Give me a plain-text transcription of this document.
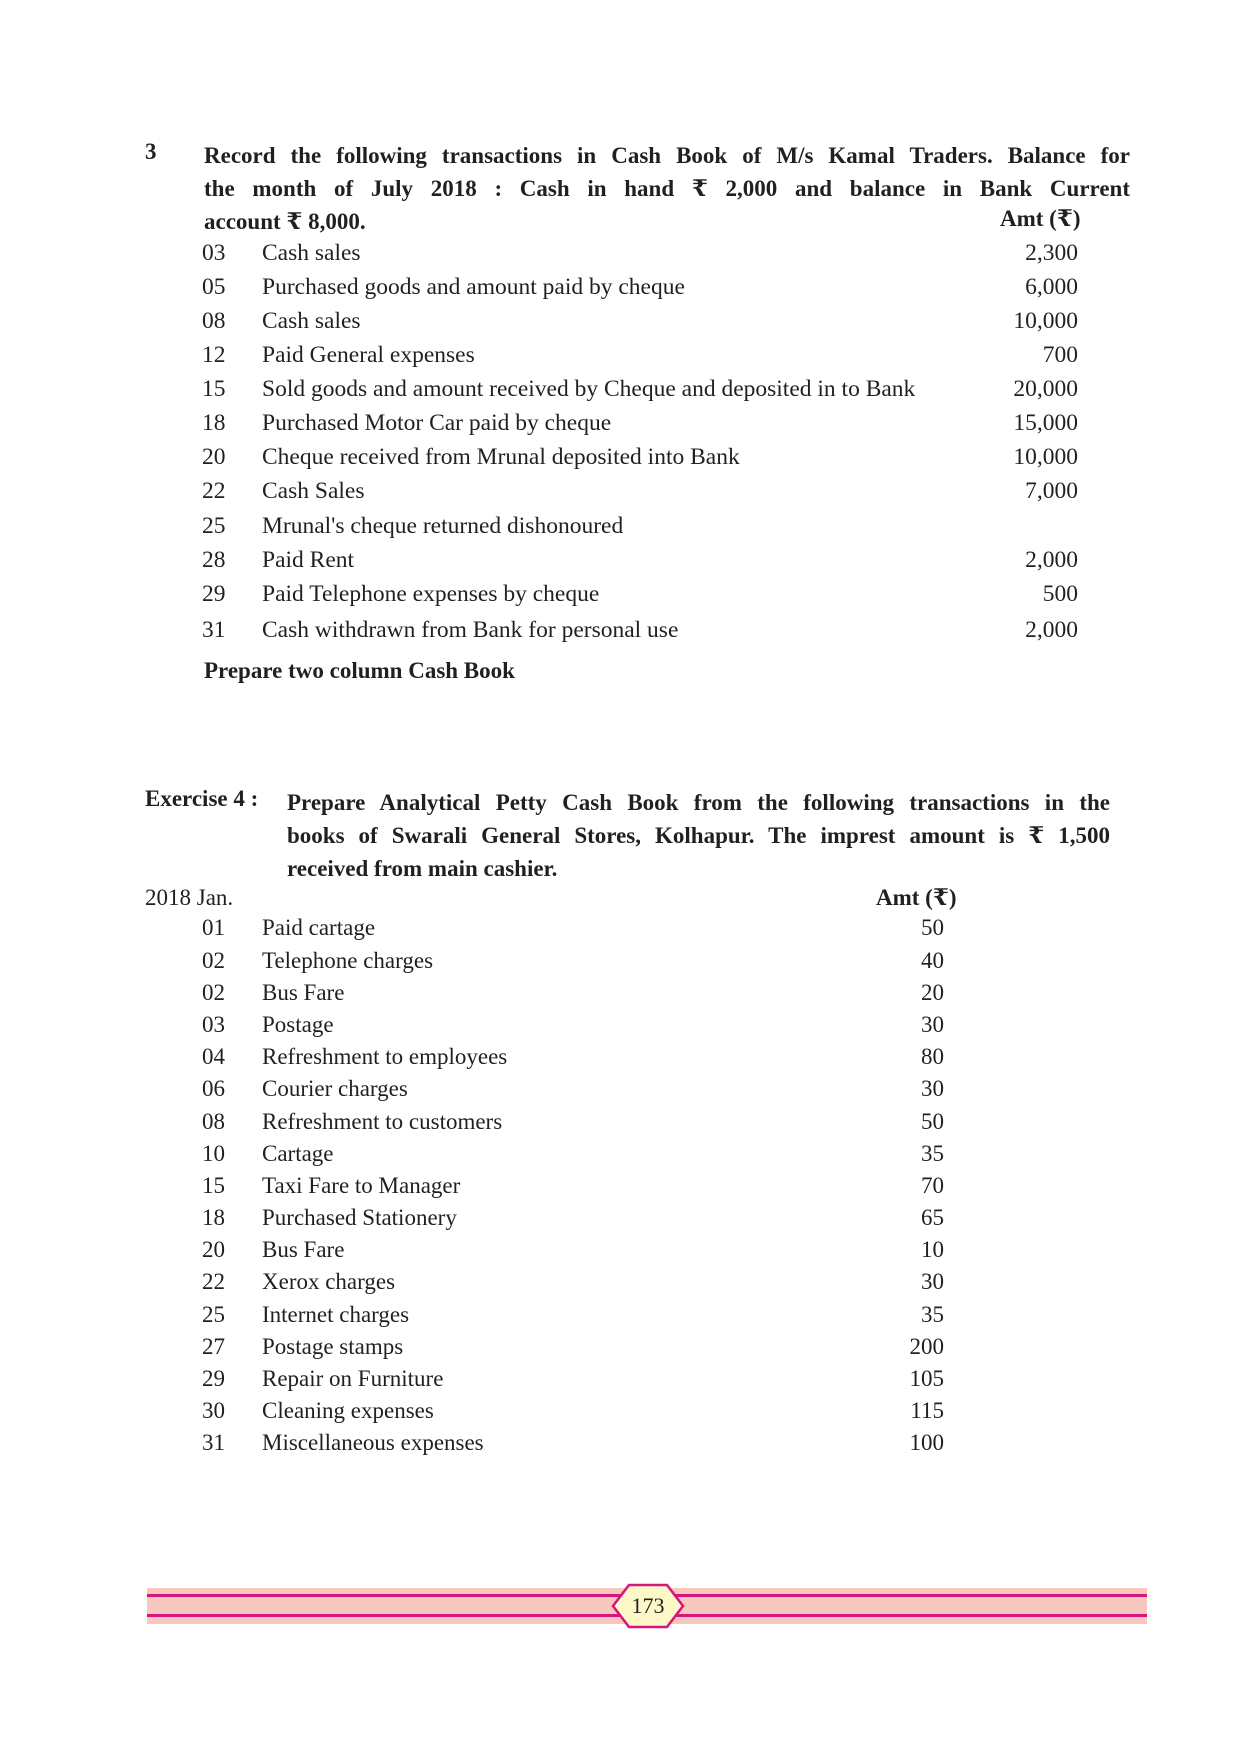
3 Record the following transactions in Cash Book of M/s Kamal Traders. Balance for
the month of July 2018 : Cash in hand ₹ 2,000 and balance in Bank Current
account ₹ 8,000.	Amt (₹)
03	Cash sales	2,300
05	Purchased goods and amount paid by cheque	6,000
08	Cash sales	10,000
12	Paid General expenses	700
15	Sold goods and amount received by Cheque and deposited in to Bank	20,000
18	Purchased Motor Car paid by cheque	15,000
20	Cheque received from Mrunal deposited into Bank	10,000
22	Cash Sales	7,000
25	Mrunal's cheque returned dishonoured
28	Paid Rent	2,000
29	Paid Telephone expenses by cheque	500
31	Cash withdrawn from Bank for personal use	2,000
Prepare two column Cash Book
Exercise 4 : Prepare Analytical Petty Cash Book from the following transactions in the
books of Swarali General Stores, Kolhapur. The imprest amount is ₹ 1,500
received from main cashier.
2018 Jan.	Amt (₹)
01	Paid cartage	50
02	Telephone charges	40
02	Bus Fare	20
03	Postage	30
04	Refreshment to employees	80
06	Courier charges	30
08	Refreshment to customers	50
10	Cartage	35
15	Taxi Fare to Manager	70
18	Purchased Stationery	65
20	Bus Fare	10
22	Xerox charges	30
25	Internet charges	35
27	Postage stamps	200
29	Repair on Furniture	105
30	Cleaning expenses	115
31	Miscellaneous expenses	100
173
